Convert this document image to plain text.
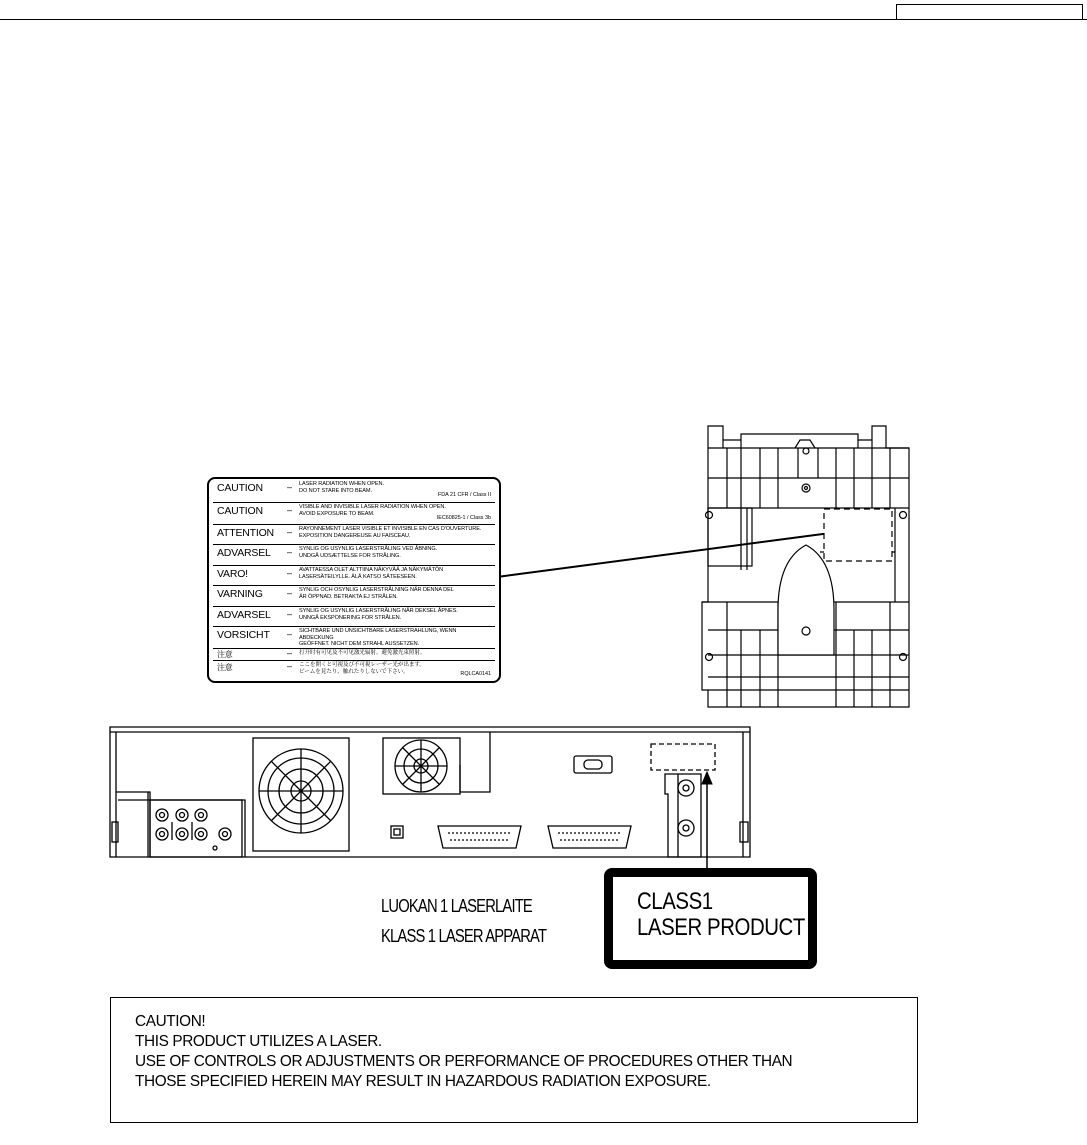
CAUTION	– LASER RADIATION WHEN OPEN.
DO NOT STARE INTO BEAM.
FDA 21 CFR / Class II
CAUTION	– VISIBLE AND INVISIBLE LASER RADIATION WHEN OPEN.
AVOID EXPOSURE TO BEAM.
IEC60825-1 / Class 3b
ATTENTION – RAYONNEMENT LASER VISIBLE ET INVISIBLE EN CAS D'OUVERTURE.
EXPOSITION DANGEREUSE AU FAISCEAU.
ADVARSEL – SYNLIG OG USYNLIG LASERSTRÅLING VED ÅBNING.
UNDGÅ UDSÆTTELSE FOR STRÅLING.
VARO!	– AVATTAESSA OLET ALTTIINA NÄKYVÄÄ JA NÄKYMÄTÖN
LASERSÄTEILYLLE. ÄLÄ KATSO SÄTEESEEN.
VARNING	– SYNLIG OCH OSYNLIG LASERSTRÅLNING NÄR DENNA DEL
ÄR ÖPPNAD. BETRAKTA EJ STRÅLEN.
ADVARSEL – SYNLIG OG USYNLIG LASERSTRÅLING NÅR DEKSEL ÅPNES.
UNNGÅ EKSPONERING FOR STRÅLEN.
VORSICHT – SICHTBARE UND UNSICHTBARE LASERSTRAHLUNG, WENN ABDECKUNG
GEÖFFNET. NICHT DEM STRAHL AUSSETZEN.
注意	– 打开时有可见及不可见激光辐射。避免激光束照射。
注意	– ここを開くと可視及び不可視レーザー光が出ます。
ビームを見たり、触れたりしないで下さい。	RQLCA0141
LUOKAN 1 LASERLAITE
KLASS 1 LASER APPARAT
CLASS1
LASER PRODUCT
CAUTION!
THIS PRODUCT UTILIZES A LASER.
USE OF CONTROLS OR ADJUSTMENTS OR PERFORMANCE OF PROCEDURES OTHER THAN
THOSE SPECIFIED HEREIN MAY RESULT IN HAZARDOUS RADIATION EXPOSURE.
